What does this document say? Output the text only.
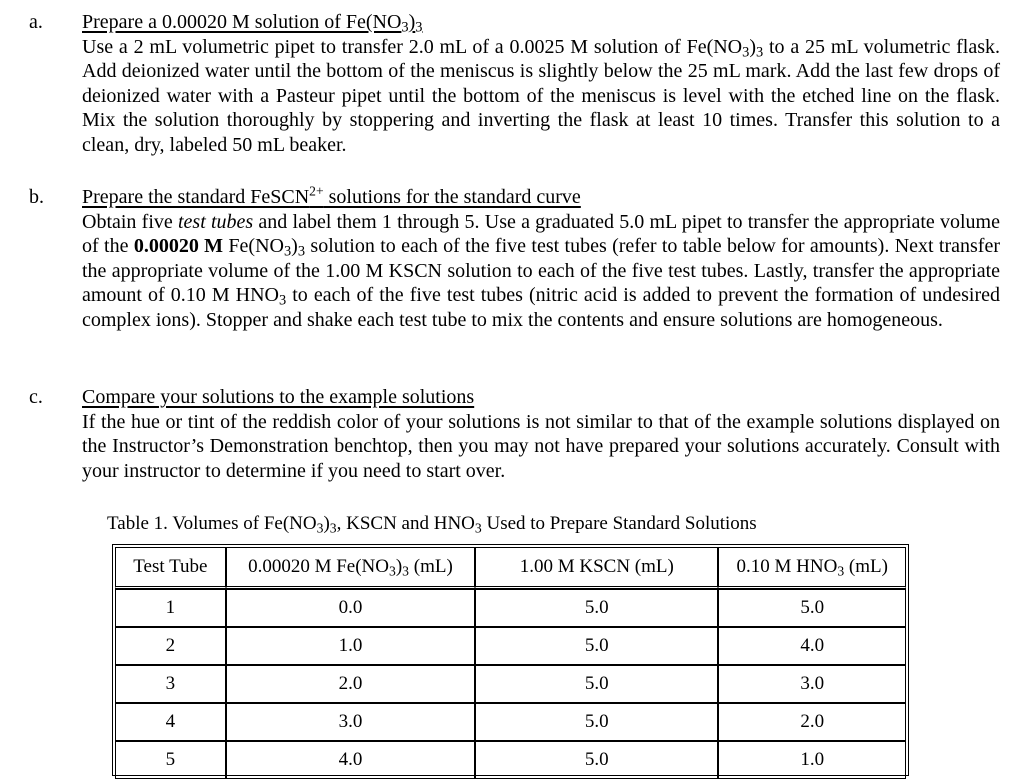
a. Prepare a 0.00020 M solution of $Fe(NO_3)_3$
Use a 2 mL volumetric pipet to transfer 2.0 mL of a 0.0025 M solution of $Fe(NO_3)_3$ to a 25 mL volumetric flask. Add deionized water until the bottom of the meniscus is slightly below the 25 mL mark. Add the last few drops of deionized water with a Pasteur pipet until the bottom of the meniscus is level with the etched line on the flask. Mix the solution thoroughly by stoppering and inverting the flask at least 10 times. Transfer this solution to a clean, dry, labeled 50 mL beaker.
b. Prepare the standard FeSCN$^{2+}$ solutions for the standard curve
Obtain five test tubes and label them 1 through 5. Use a graduated 5.0 mL pipet to transfer the appropriate volume of the 0.00020 M $Fe(NO_3)_3$ solution to each of the five test tubes (refer to table below for amounts). Next transfer the appropriate volume of the 1.00 M KSCN solution to each of the five test tubes. Lastly, transfer the appropriate amount of 0.10 M $HNO_3$ to each of the five test tubes (nitric acid is added to prevent the formation of undesired complex ions). Stopper and shake each test tube to mix the contents and ensure solutions are homogeneous.
c. Compare your solutions to the example solutions
If the hue or tint of the reddish color of your solutions is not similar to that of the example solutions displayed on the Instructor’s Demonstration benchtop, then you may not have prepared your solutions accurately. Consult with your instructor to determine if you need to start over.
Table 1. Volumes of $Fe(NO_3)_3$, KSCN and $HNO_3$ Used to Prepare Standard Solutions
Test Tube	0.00020 M $Fe(NO_3)_3$ (mL)	1.00 M KSCN (mL)	0.10 M $HNO_3$ (mL)
1	0.0	5.0	5.0
2	1.0	5.0	4.0
3	2.0	5.0	3.0
4	3.0	5.0	2.0
5	4.0	5.0	1.0
